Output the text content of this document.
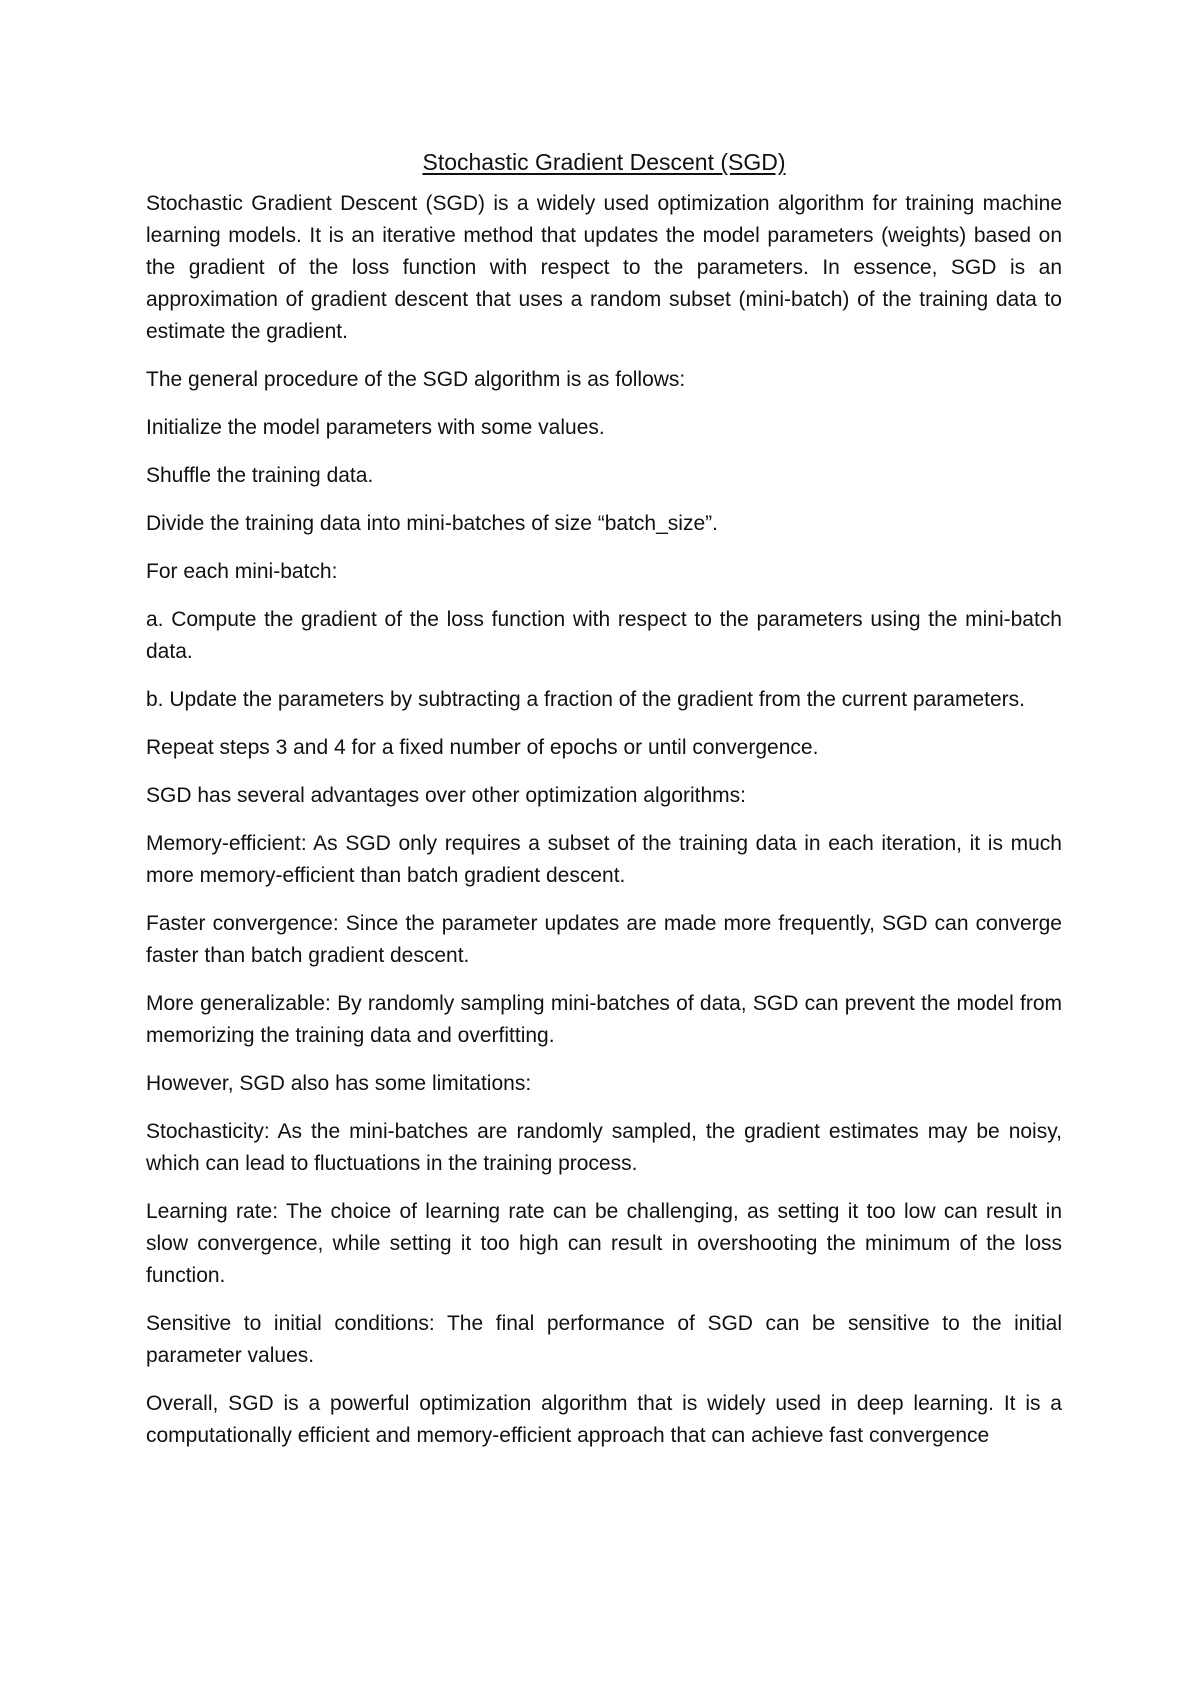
Stochastic Gradient Descent (SGD)

Stochastic Gradient Descent (SGD) is a widely used optimization algorithm for training machine learning models. It is an iterative method that updates the model parameters (weights) based on the gradient of the loss function with respect to the parameters. In essence, SGD is an approximation of gradient descent that uses a random subset (mini-batch) of the training data to estimate the gradient.

The general procedure of the SGD algorithm is as follows:

Initialize the model parameters with some values.

Shuffle the training data.

Divide the training data into mini-batches of size “batch_size”.

For each mini-batch:

a. Compute the gradient of the loss function with respect to the parameters using the mini-batch data.

b. Update the parameters by subtracting a fraction of the gradient from the current parameters.

Repeat steps 3 and 4 for a fixed number of epochs or until convergence.

SGD has several advantages over other optimization algorithms:

Memory-efficient: As SGD only requires a subset of the training data in each iteration, it is much more memory-efficient than batch gradient descent.

Faster convergence: Since the parameter updates are made more frequently, SGD can converge faster than batch gradient descent.

More generalizable: By randomly sampling mini-batches of data, SGD can prevent the model from memorizing the training data and overfitting.

However, SGD also has some limitations:

Stochasticity: As the mini-batches are randomly sampled, the gradient estimates may be noisy, which can lead to fluctuations in the training process.

Learning rate: The choice of learning rate can be challenging, as setting it too low can result in slow convergence, while setting it too high can result in overshooting the minimum of the loss function.

Sensitive to initial conditions: The final performance of SGD can be sensitive to the initial parameter values.

Overall, SGD is a powerful optimization algorithm that is widely used in deep learning. It is a computationally efficient and memory-efficient approach that can achieve fast convergence
